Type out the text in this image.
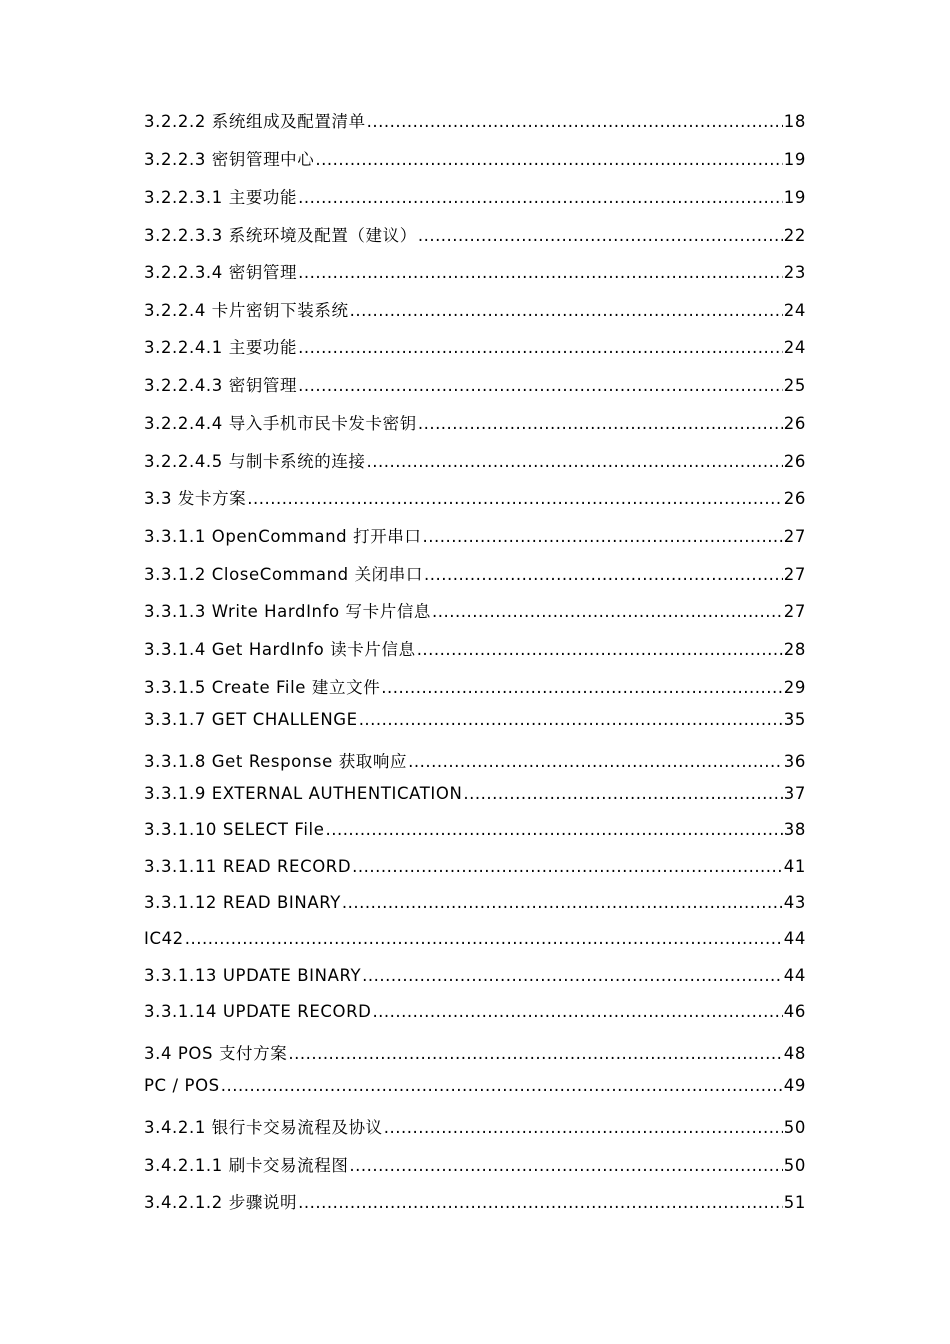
3.2.2.2 系统组成及配置清单 .....	18
3.2.2.3 密钥管理中心 .....	19
3.2.2.3.1 主要功能 .....	19
3.2.2.3.3 系统环境及配置（建议） .....	22
3.2.2.3.4 密钥管理 .....	23
3.2.2.4 卡片密钥下装系统 .....	24
3.2.2.4.1 主要功能 .....	24
3.2.2.4.3 密钥管理 .....	25
3.2.2.4.4 导入手机市民卡发卡密钥 .....	26
3.2.2.4.5 与制卡系统的连接 .....	26
3.3 发卡方案 .....	26
3.3.1.1 OpenCommand 打开串口 .....	27
3.3.1.2 CloseCommand 关闭串口 .....	27
3.3.1.3 Write HardInfo 写卡片信息 .....	27
3.3.1.4 Get HardInfo 读卡片信息 .....	28
3.3.1.5 Create File 建立文件 .....	29
3.3.1.7 GET CHALLENGE .....	35
3.3.1.8 Get Response 获取响应 .....	36
3.3.1.9 EXTERNAL AUTHENTICATION .....	37
3.3.1.10 SELECT File .....	38
3.3.1.11 READ RECORD .....	41
3.3.1.12 READ BINARY .....	43
IC42 .....	44
3.3.1.13 UPDATE BINARY .....	44
3.3.1.14 UPDATE RECORD .....	46
3.4 POS 支付方案 .....	48
PC / POS .....	49
3.4.2.1 银行卡交易流程及协议 .....	50
3.4.2.1.1 刷卡交易流程图 .....	50
3.4.2.1.2 步骤说明 .....	51
